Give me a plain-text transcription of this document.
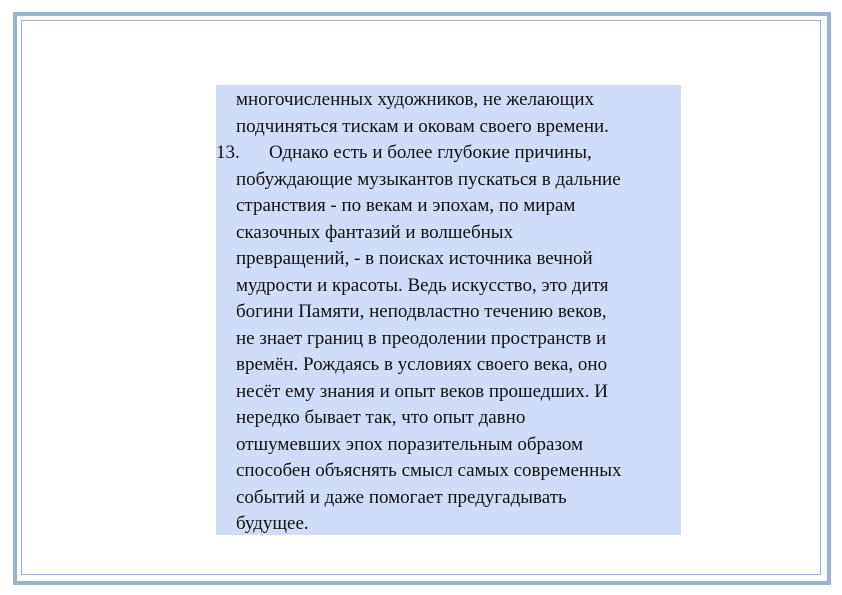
многочисленных художников, не желающих
подчиняться тискам и оковам своего времени.
13. Однако есть и более глубокие причины,
побуждающие музыкантов пускаться в дальние
странствия - по векам и эпохам, по мирам
сказочных фантазий и волшебных
превращений, - в поисках источника вечной
мудрости и красоты. Ведь искусство, это дитя
богини Памяти, неподвластно течению веков,
не знает границ в преодолении пространств и
времён. Рождаясь в условиях своего века, оно
несёт ему знания и опыт веков прошедших. И
нередко бывает так, что опыт давно
отшумевших эпох поразительным образом
способен объяснять смысл самых современных
событий и даже помогает предугадывать
будущее.
